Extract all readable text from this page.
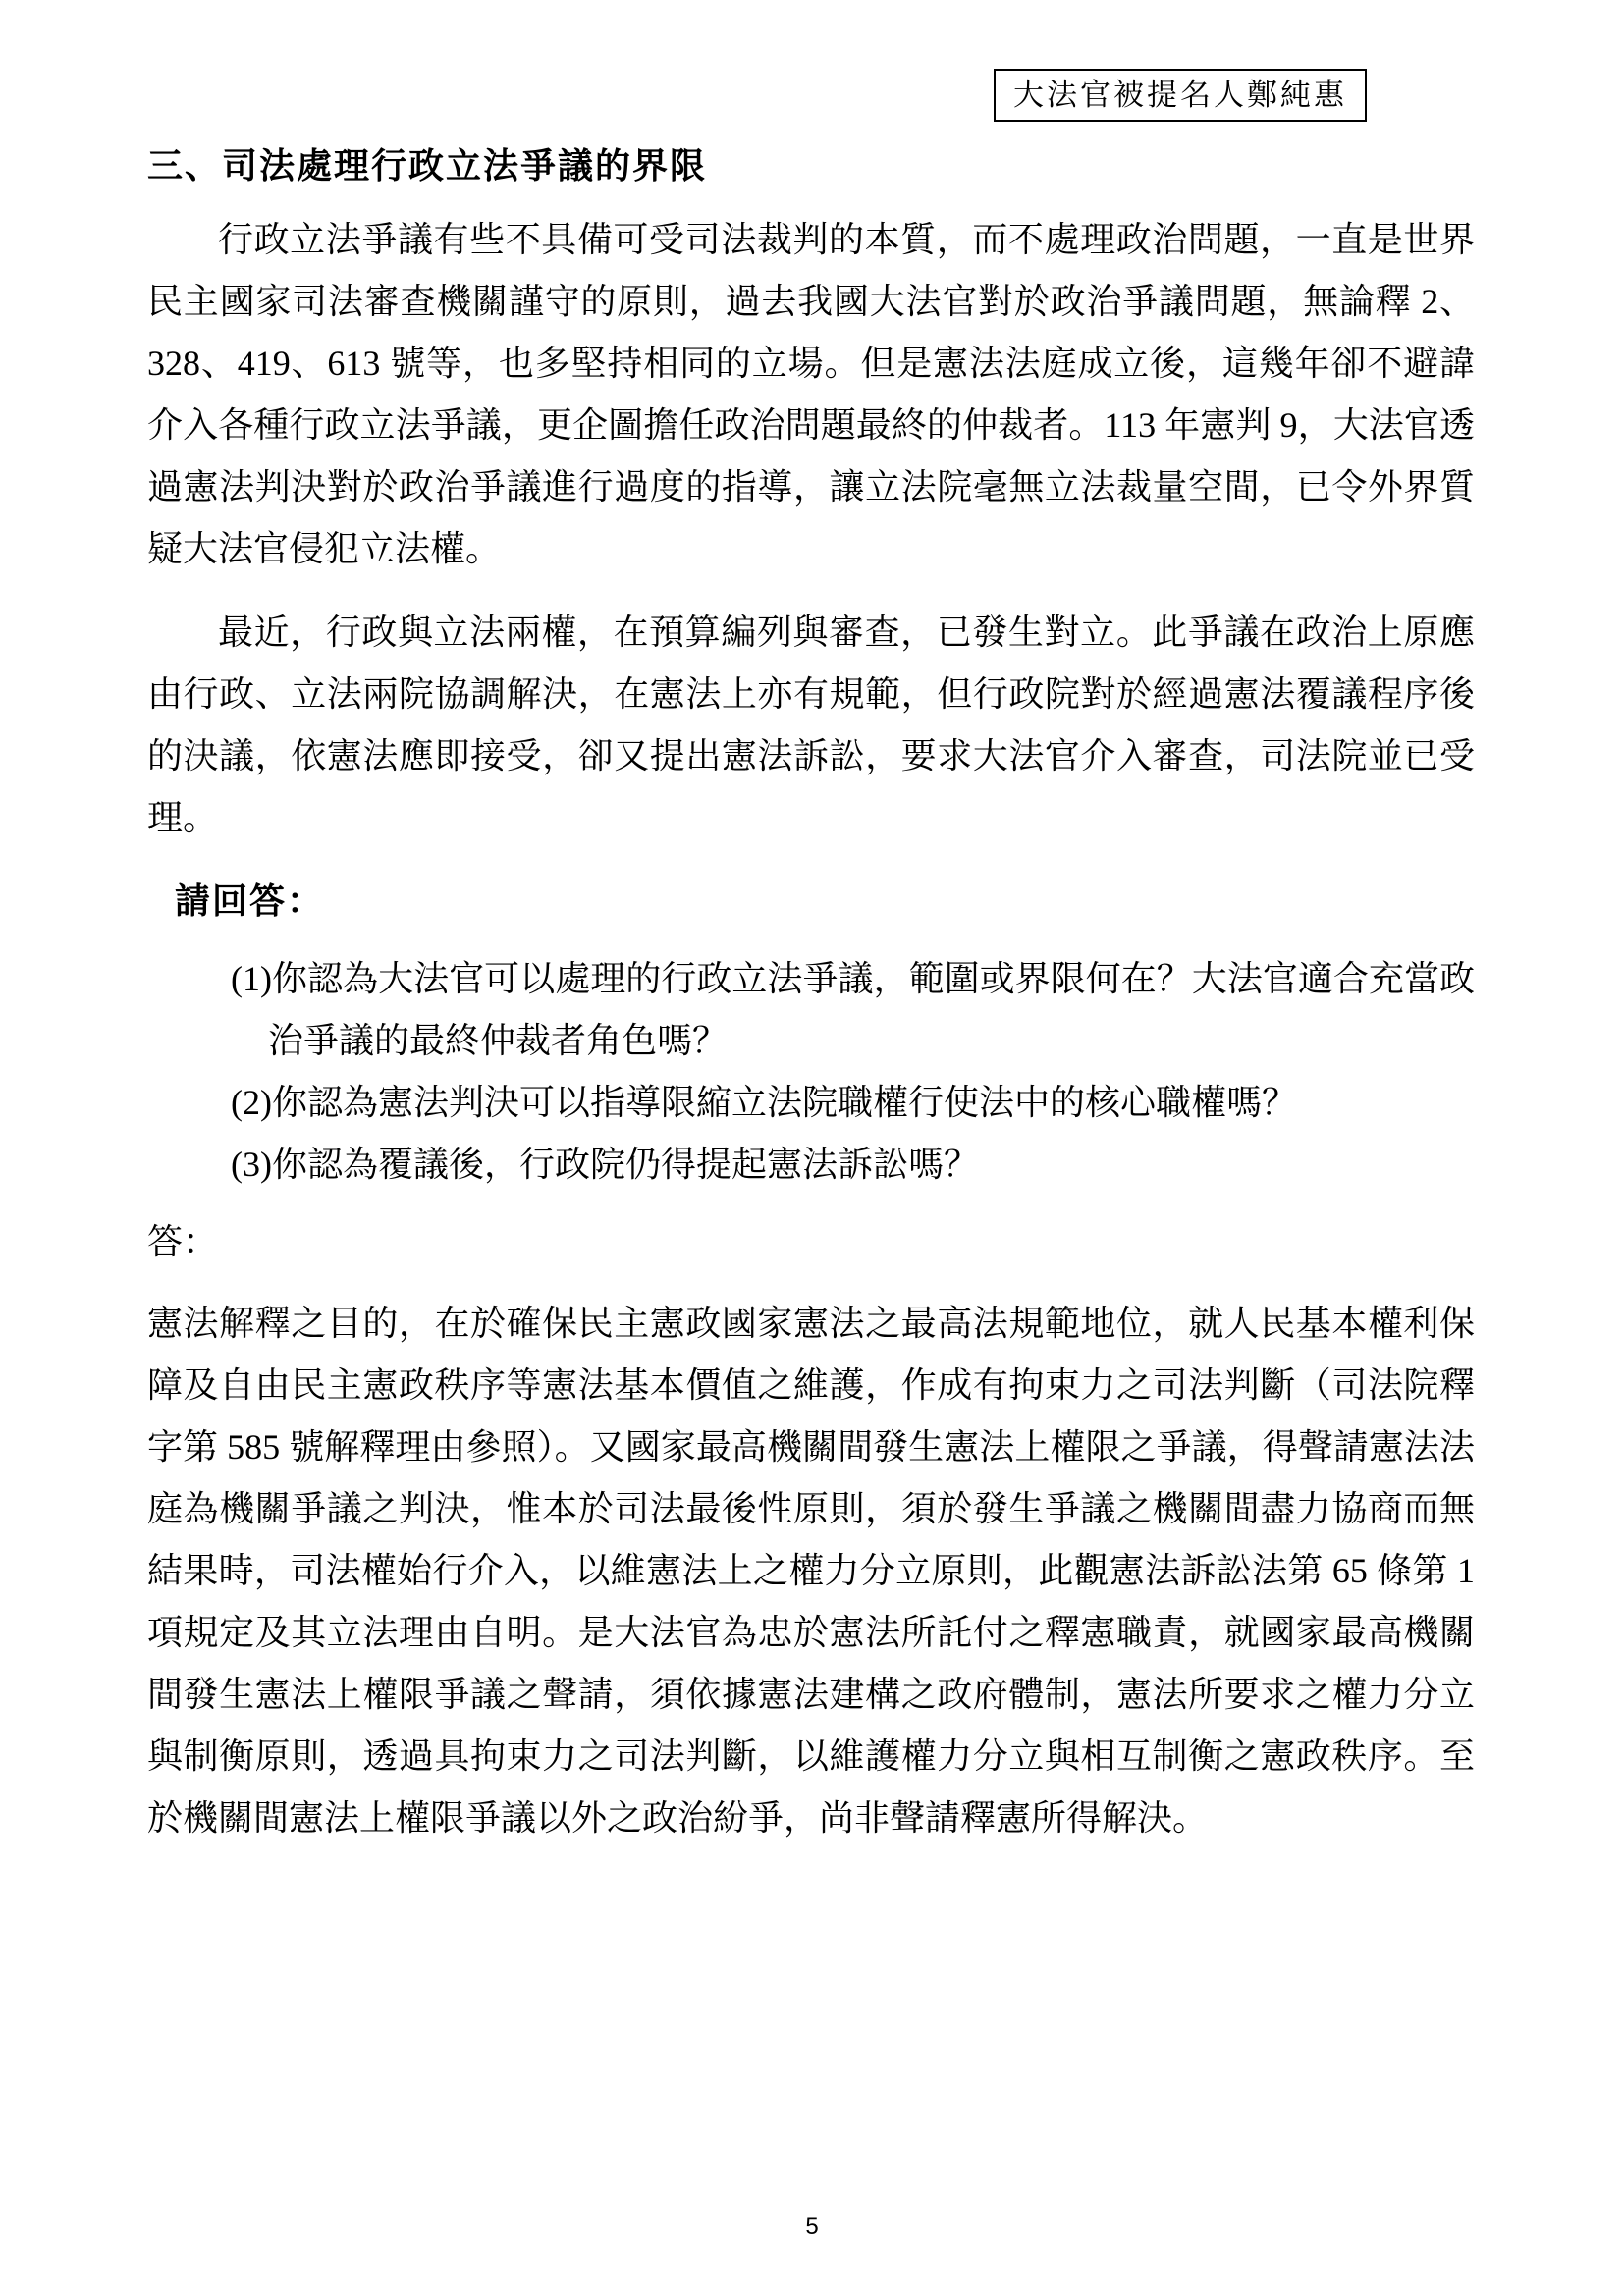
大法官被提名人鄭純惠
三、司法處理行政立法爭議的界限

行政立法爭議有些不具備可受司法裁判的本質，而不處理政治問題，一直是世界民主國家司法審查機關謹守的原則，過去我國大法官對於政治爭議問題，無論釋 2、328、419、613 號等，也多堅持相同的立場。但是憲法法庭成立後，這幾年卻不避諱介入各種行政立法爭議，更企圖擔任政治問題最終的仲裁者。113 年憲判 9，大法官透過憲法判決對於政治爭議進行過度的指導，讓立法院毫無立法裁量空間，已令外界質疑大法官侵犯立法權。

最近，行政與立法兩權，在預算編列與審查，已發生對立。此爭議在政治上原應由行政、立法兩院協調解決，在憲法上亦有規範，但行政院對於經過憲法覆議程序後的決議，依憲法應即接受，卻又提出憲法訴訟，要求大法官介入審查，司法院並已受理。

請回答：

(1)你認為大法官可以處理的行政立法爭議，範圍或界限何在？大法官適合充當政治爭議的最終仲裁者角色嗎？

(2)你認為憲法判決可以指導限縮立法院職權行使法中的核心職權嗎？

(3)你認為覆議後，行政院仍得提起憲法訴訟嗎？

答：

憲法解釋之目的，在於確保民主憲政國家憲法之最高法規範地位，就人民基本權利保障及自由民主憲政秩序等憲法基本價值之維護，作成有拘束力之司法判斷（司法院釋字第 585 號解釋理由參照）。又國家最高機關間發生憲法上權限之爭議，得聲請憲法法庭為機關爭議之判決，惟本於司法最後性原則，須於發生爭議之機關間盡力協商而無結果時，司法權始行介入，以維憲法上之權力分立原則，此觀憲法訴訟法第 65 條第 1 項規定及其立法理由自明。是大法官為忠於憲法所託付之釋憲職責，就國家最高機關間發生憲法上權限爭議之聲請，須依據憲法建構之政府體制，憲法所要求之權力分立與制衡原則，透過具拘束力之司法判斷，以維護權力分立與相互制衡之憲政秩序。至於機關間憲法上權限爭議以外之政治紛爭，尚非聲請釋憲所得解決。

5
